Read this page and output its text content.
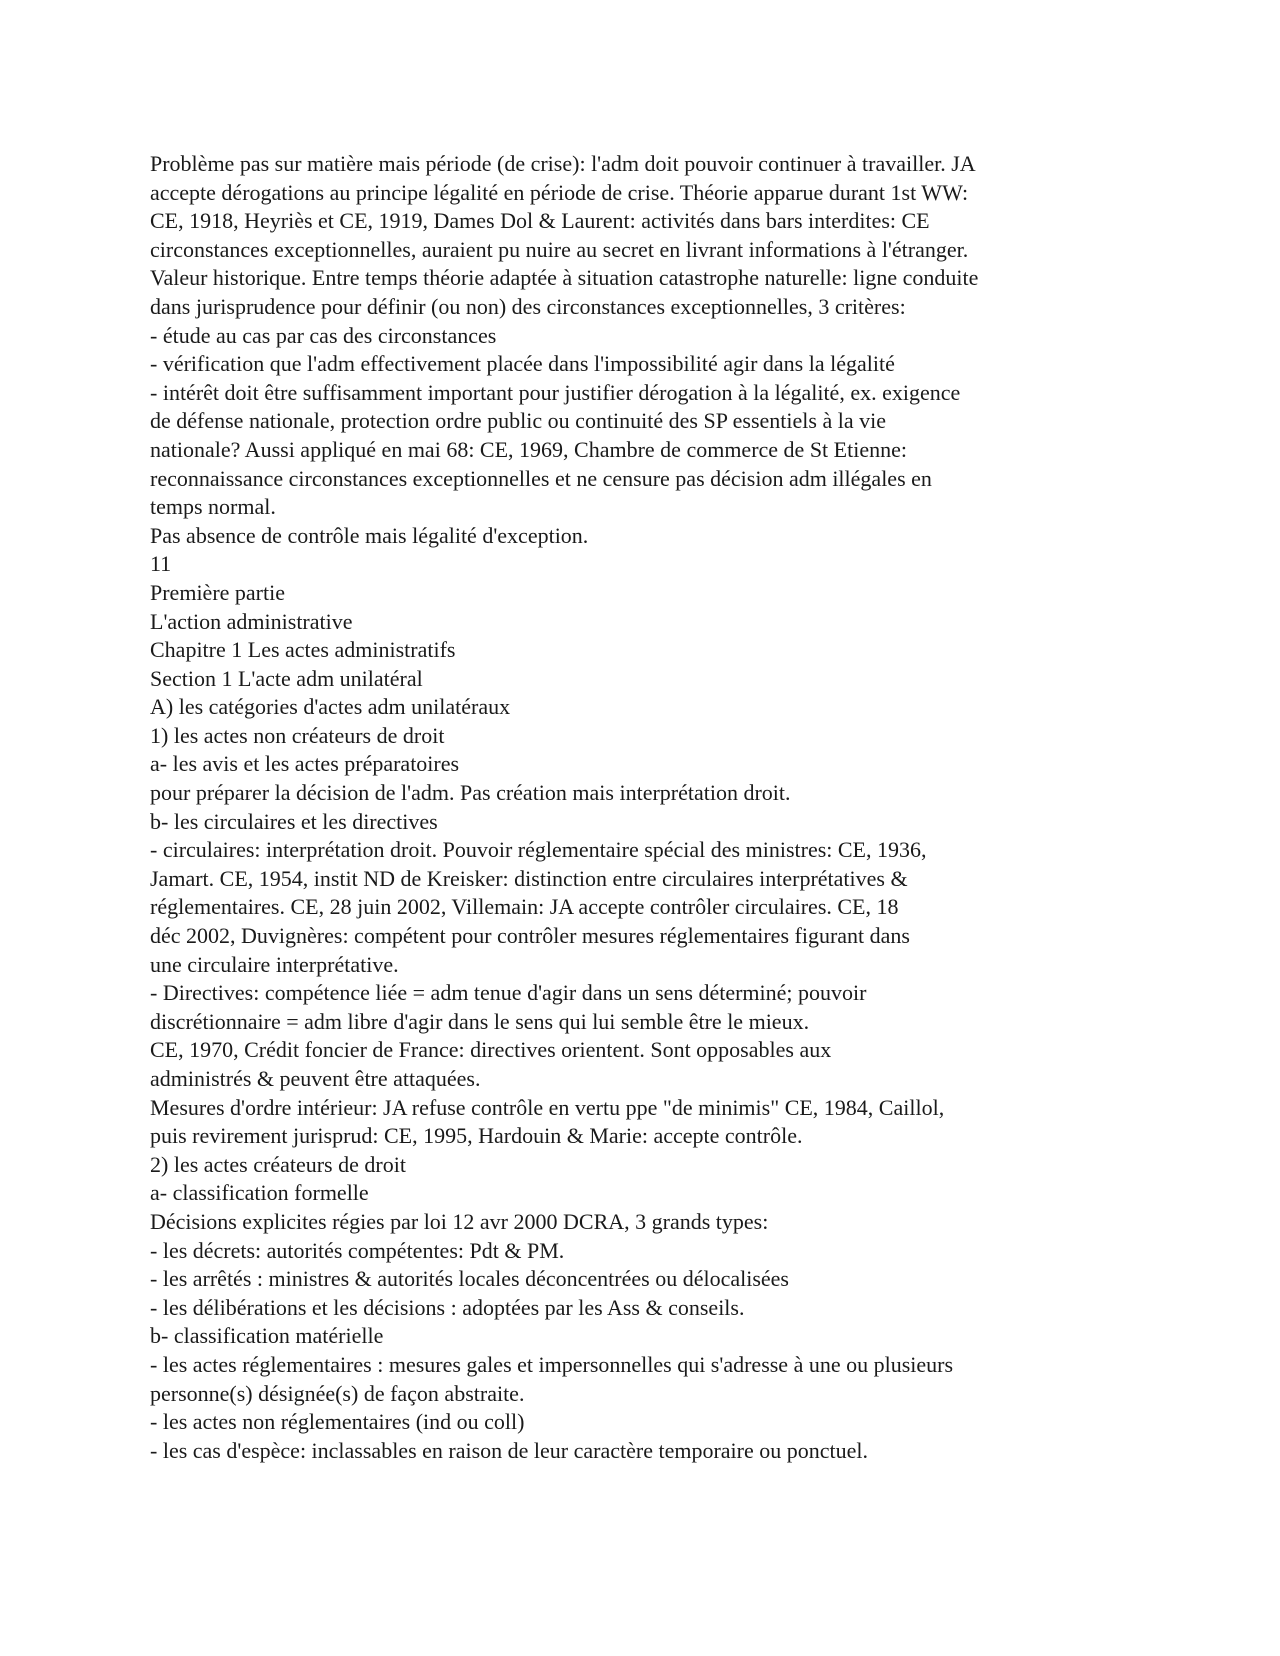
Problème pas sur matière mais période (de crise): l'adm doit pouvoir continuer à travailler. JA
accepte dérogations au principe légalité en période de crise. Théorie apparue durant 1st WW:
CE, 1918, Heyriès et CE, 1919, Dames Dol & Laurent: activités dans bars interdites: CE
circonstances exceptionnelles, auraient pu nuire au secret en livrant informations à l'étranger.
Valeur historique. Entre temps théorie adaptée à situation catastrophe naturelle: ligne conduite
dans jurisprudence pour définir (ou non) des circonstances exceptionnelles, 3 critères:
- étude au cas par cas des circonstances
- vérification que l'adm effectivement placée dans l'impossibilité agir dans la légalité
- intérêt doit être suffisamment important pour justifier dérogation à la légalité, ex. exigence
de défense nationale, protection ordre public ou continuité des SP essentiels à la vie
nationale? Aussi appliqué en mai 68: CE, 1969, Chambre de commerce de St Etienne:
reconnaissance circonstances exceptionnelles et ne censure pas décision adm illégales en
temps normal.
Pas absence de contrôle mais légalité d'exception.
11
Première partie
L'action administrative
Chapitre 1 Les actes administratifs
Section 1 L'acte adm unilatéral
A) les catégories d'actes adm unilatéraux
1) les actes non créateurs de droit
a- les avis et les actes préparatoires
pour préparer la décision de l'adm. Pas création mais interprétation droit.
b- les circulaires et les directives
- circulaires: interprétation droit. Pouvoir réglementaire spécial des ministres: CE, 1936,
Jamart. CE, 1954, instit ND de Kreisker: distinction entre circulaires interprétatives &
réglementaires. CE, 28 juin 2002, Villemain: JA accepte contrôler circulaires. CE, 18
déc 2002, Duvignères: compétent pour contrôler mesures réglementaires figurant dans
une circulaire interprétative.
- Directives: compétence liée = adm tenue d'agir dans un sens déterminé; pouvoir
discrétionnaire = adm libre d'agir dans le sens qui lui semble être le mieux.
CE, 1970, Crédit foncier de France: directives orientent. Sont opposables aux
administrés & peuvent être attaquées.
Mesures d'ordre intérieur: JA refuse contrôle en vertu ppe "de minimis" CE, 1984, Caillol,
puis revirement jurisprud: CE, 1995, Hardouin & Marie: accepte contrôle.
2) les actes créateurs de droit
a- classification formelle
Décisions explicites régies par loi 12 avr 2000 DCRA, 3 grands types:
- les décrets: autorités compétentes: Pdt & PM.
- les arrêtés : ministres & autorités locales déconcentrées ou délocalisées
- les délibérations et les décisions : adoptées par les Ass & conseils.
b- classification matérielle
- les actes réglementaires : mesures gales et impersonnelles qui s'adresse à une ou plusieurs
personne(s) désignée(s) de façon abstraite.
- les actes non réglementaires (ind ou coll)
- les cas d'espèce: inclassables en raison de leur caractère temporaire ou ponctuel.
